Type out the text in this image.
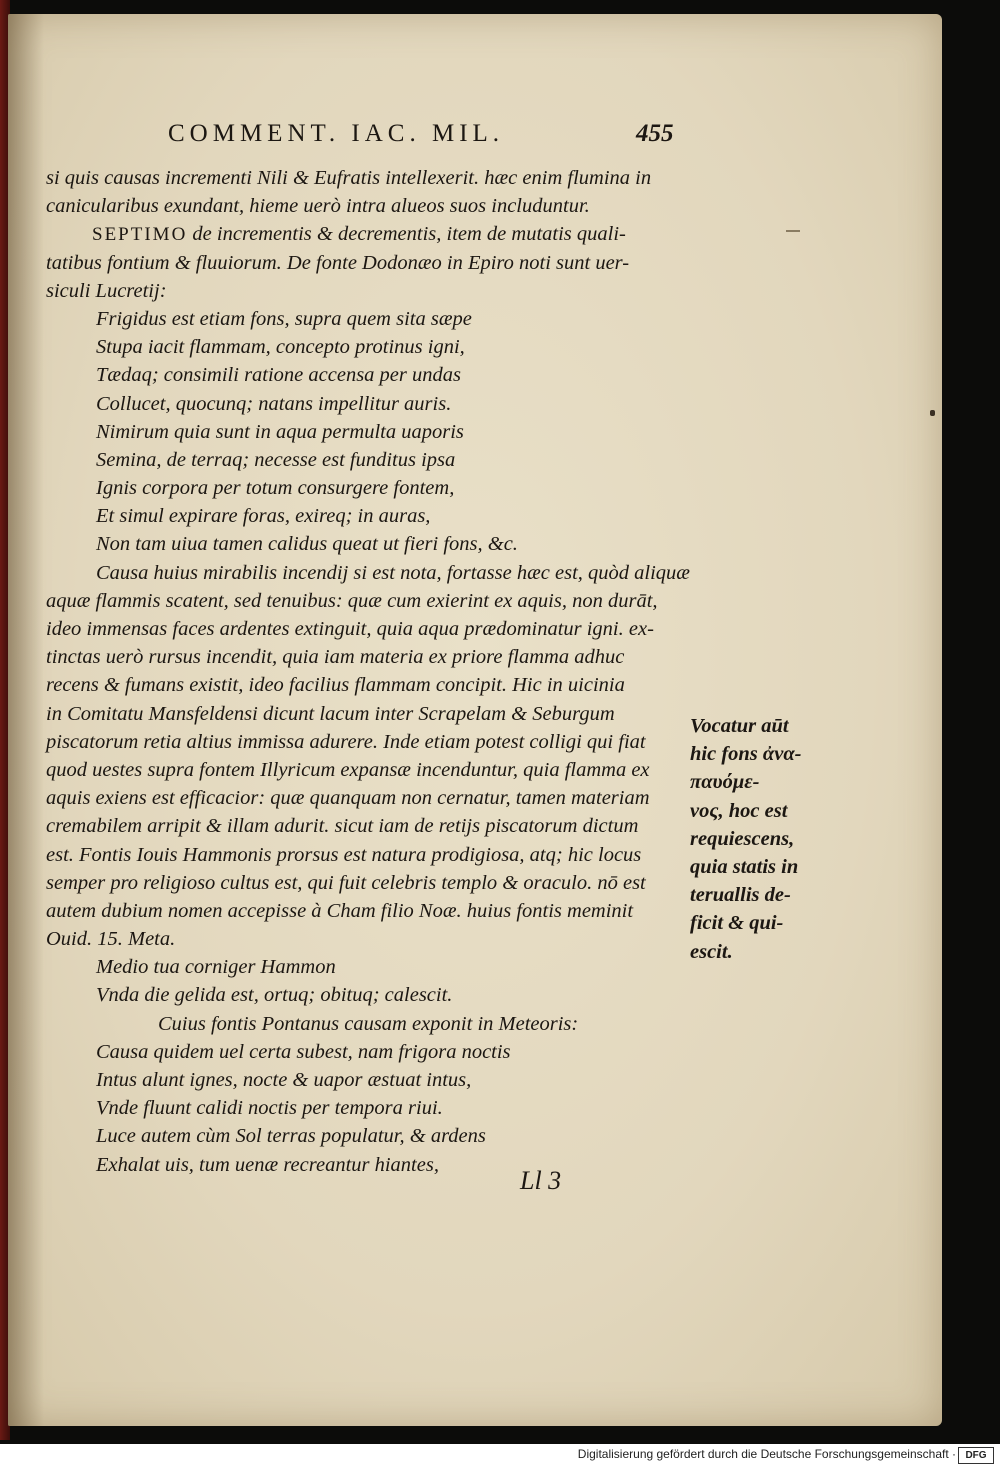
COMMENT. IAC. MIL.	455
si quis causas incrementi Nili & Eufratis intellexerit. hæc enim flumina in
canicularibus exundant, hieme uerò intra alueos suos includuntur.
SEPTIMO de incrementis & decrementis, item de mutatis quali-
tatibus fontium & fluuiorum. De fonte Dodonæo in Epiro noti sunt uer-
siculi Lucretij:
Frigidus est etiam fons, supra quem sita sæpe
Stupa iacit flammam, concepto protinus igni,
Tædaq; consimili ratione accensa per undas
Collucet, quocunq; natans impellitur auris.
Nimirum quia sunt in aqua permulta uaporis
Semina, de terraq; necesse est funditus ipsa
Ignis corpora per totum consurgere fontem,
Et simul expirare foras, exireq; in auras,
Non tam uiua tamen calidus queat ut fieri fons, &c.
Causa huius mirabilis incendij si est nota, fortasse hæc est, quòd aliquæ
aquæ flammis scatent, sed tenuibus: quæ cum exierint ex aquis, non durāt,
ideo immensas faces ardentes extinguit, quia aqua prædominatur igni. ex-
tinctas uerò rursus incendit, quia iam materia ex priore flamma adhuc
recens & fumans existit, ideo facilius flammam concipit. Hic in uicinia
in Comitatu Mansfeldensi dicunt lacum inter Scrapelam & Seburgum
piscatorum retia altius immissa adurere. Inde etiam potest colligi qui fiat
quod uestes supra fontem Illyricum expansæ incenduntur, quia flamma ex
aquis exiens est efficacior: quæ quanquam non cernatur, tamen materiam
cremabilem arripit & illam adurit. sicut iam de retijs piscatorum dictum
est. Fontis Iouis Hammonis prorsus est natura prodigiosa, atq; hic locus
semper pro religioso cultus est, qui fuit celebris templo & oraculo. nō est
autem dubium nomen accepisse à Cham filio Noæ. huius fontis meminit
Ouid. 15. Meta.
Medio tua corniger Hammon
Vnda die gelida est, ortuq; obituq; calescit.
Cuius fontis Pontanus causam exponit in Meteoris:
Causa quidem uel certa subest, nam frigora noctis
Intus alunt ignes, nocte & uapor æstuat intus,
Vnde fluunt calidi noctis per tempora riui.
Luce autem cùm Sol terras populatur, & ardens
Exhalat uis, tum uenæ recreantur hiantes,
Vocatur aūt
hic fons ἀνα-
παυόμε-
νος, hoc est
requiescens,
quia statis in
teruallis de-
ficit & qui-
escit.
Ll 3
Digitalisierung gefördert durch die Deutsche Forschungsgemeinschaft · DFG
